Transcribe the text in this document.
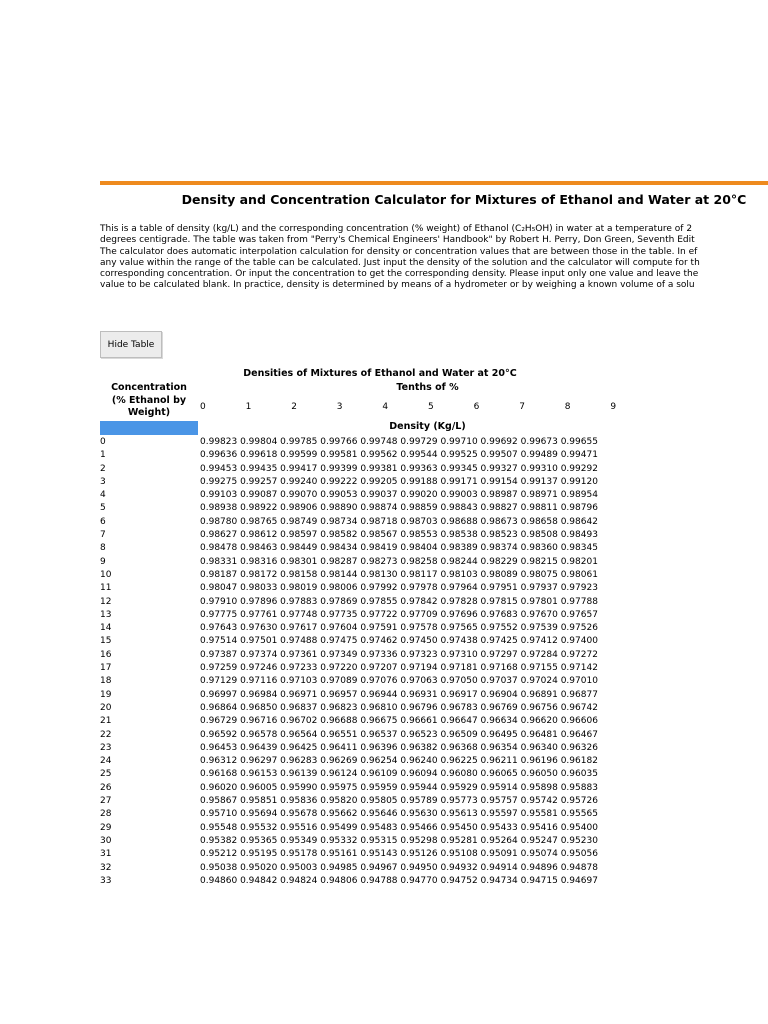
Density and Concentration Calculator for Mixtures of Ethanol and Water at 20°C
This is a table of density (kg/L) and the corresponding concentration (% weight) of Ethanol (C₂H₅OH) in water at a temperature of 2
degrees centigrade. The table was taken from "Perry's Chemical Engineers' Handbook" by Robert H. Perry, Don Green, Seventh Edit
The calculator does automatic interpolation calculation for density or concentration values that are between those in the table. In ef
any value within the range of the table can be calculated. Just input the density of the solution and the calculator will compute for th
corresponding concentration. Or input the concentration to get the corresponding density. Please input only one value and leave the
value to be calculated blank. In practice, density is determined by means of a hydrometer or by weighing a known volume of a solu
Hide Table
Densities of Mixtures of Ethanol and Water at 20°C
Tenths of %
Concentration
(% Ethanol by
Weight)	0	1	2	3	4	5	6	7	8	9
Density (Kg/L)
0	0.99823 0.99804 0.99785 0.99766 0.99748 0.99729 0.99710 0.99692 0.99673 0.99655
1	0.99636 0.99618 0.99599 0.99581 0.99562 0.99544 0.99525 0.99507 0.99489 0.99471
2	0.99453 0.99435 0.99417 0.99399 0.99381 0.99363 0.99345 0.99327 0.99310 0.99292
3	0.99275 0.99257 0.99240 0.99222 0.99205 0.99188 0.99171 0.99154 0.99137 0.99120
4	0.99103 0.99087 0.99070 0.99053 0.99037 0.99020 0.99003 0.98987 0.98971 0.98954
5	0.98938 0.98922 0.98906 0.98890 0.98874 0.98859 0.98843 0.98827 0.98811 0.98796
6	0.98780 0.98765 0.98749 0.98734 0.98718 0.98703 0.98688 0.98673 0.98658 0.98642
7	0.98627 0.98612 0.98597 0.98582 0.98567 0.98553 0.98538 0.98523 0.98508 0.98493
8	0.98478 0.98463 0.98449 0.98434 0.98419 0.98404 0.98389 0.98374 0.98360 0.98345
9	0.98331 0.98316 0.98301 0.98287 0.98273 0.98258 0.98244 0.98229 0.98215 0.98201
10	0.98187 0.98172 0.98158 0.98144 0.98130 0.98117 0.98103 0.98089 0.98075 0.98061
11	0.98047 0.98033 0.98019 0.98006 0.97992 0.97978 0.97964 0.97951 0.97937 0.97923
12	0.97910 0.97896 0.97883 0.97869 0.97855 0.97842 0.97828 0.97815 0.97801 0.97788
13	0.97775 0.97761 0.97748 0.97735 0.97722 0.97709 0.97696 0.97683 0.97670 0.97657
14	0.97643 0.97630 0.97617 0.97604 0.97591 0.97578 0.97565 0.97552 0.97539 0.97526
15	0.97514 0.97501 0.97488 0.97475 0.97462 0.97450 0.97438 0.97425 0.97412 0.97400
16	0.97387 0.97374 0.97361 0.97349 0.97336 0.97323 0.97310 0.97297 0.97284 0.97272
17	0.97259 0.97246 0.97233 0.97220 0.97207 0.97194 0.97181 0.97168 0.97155 0.97142
18	0.97129 0.97116 0.97103 0.97089 0.97076 0.97063 0.97050 0.97037 0.97024 0.97010
19	0.96997 0.96984 0.96971 0.96957 0.96944 0.96931 0.96917 0.96904 0.96891 0.96877
20	0.96864 0.96850 0.96837 0.96823 0.96810 0.96796 0.96783 0.96769 0.96756 0.96742
21	0.96729 0.96716 0.96702 0.96688 0.96675 0.96661 0.96647 0.96634 0.96620 0.96606
22	0.96592 0.96578 0.96564 0.96551 0.96537 0.96523 0.96509 0.96495 0.96481 0.96467
23	0.96453 0.96439 0.96425 0.96411 0.96396 0.96382 0.96368 0.96354 0.96340 0.96326
24	0.96312 0.96297 0.96283 0.96269 0.96254 0.96240 0.96225 0.96211 0.96196 0.96182
25	0.96168 0.96153 0.96139 0.96124 0.96109 0.96094 0.96080 0.96065 0.96050 0.96035
26	0.96020 0.96005 0.95990 0.95975 0.95959 0.95944 0.95929 0.95914 0.95898 0.95883
27	0.95867 0.95851 0.95836 0.95820 0.95805 0.95789 0.95773 0.95757 0.95742 0.95726
28	0.95710 0.95694 0.95678 0.95662 0.95646 0.95630 0.95613 0.95597 0.95581 0.95565
29	0.95548 0.95532 0.95516 0.95499 0.95483 0.95466 0.95450 0.95433 0.95416 0.95400
30	0.95382 0.95365 0.95349 0.95332 0.95315 0.95298 0.95281 0.95264 0.95247 0.95230
31	0.95212 0.95195 0.95178 0.95161 0.95143 0.95126 0.95108 0.95091 0.95074 0.95056
32	0.95038 0.95020 0.95003 0.94985 0.94967 0.94950 0.94932 0.94914 0.94896 0.94878
33	0.94860 0.94842 0.94824 0.94806 0.94788 0.94770 0.94752 0.94734 0.94715 0.94697
